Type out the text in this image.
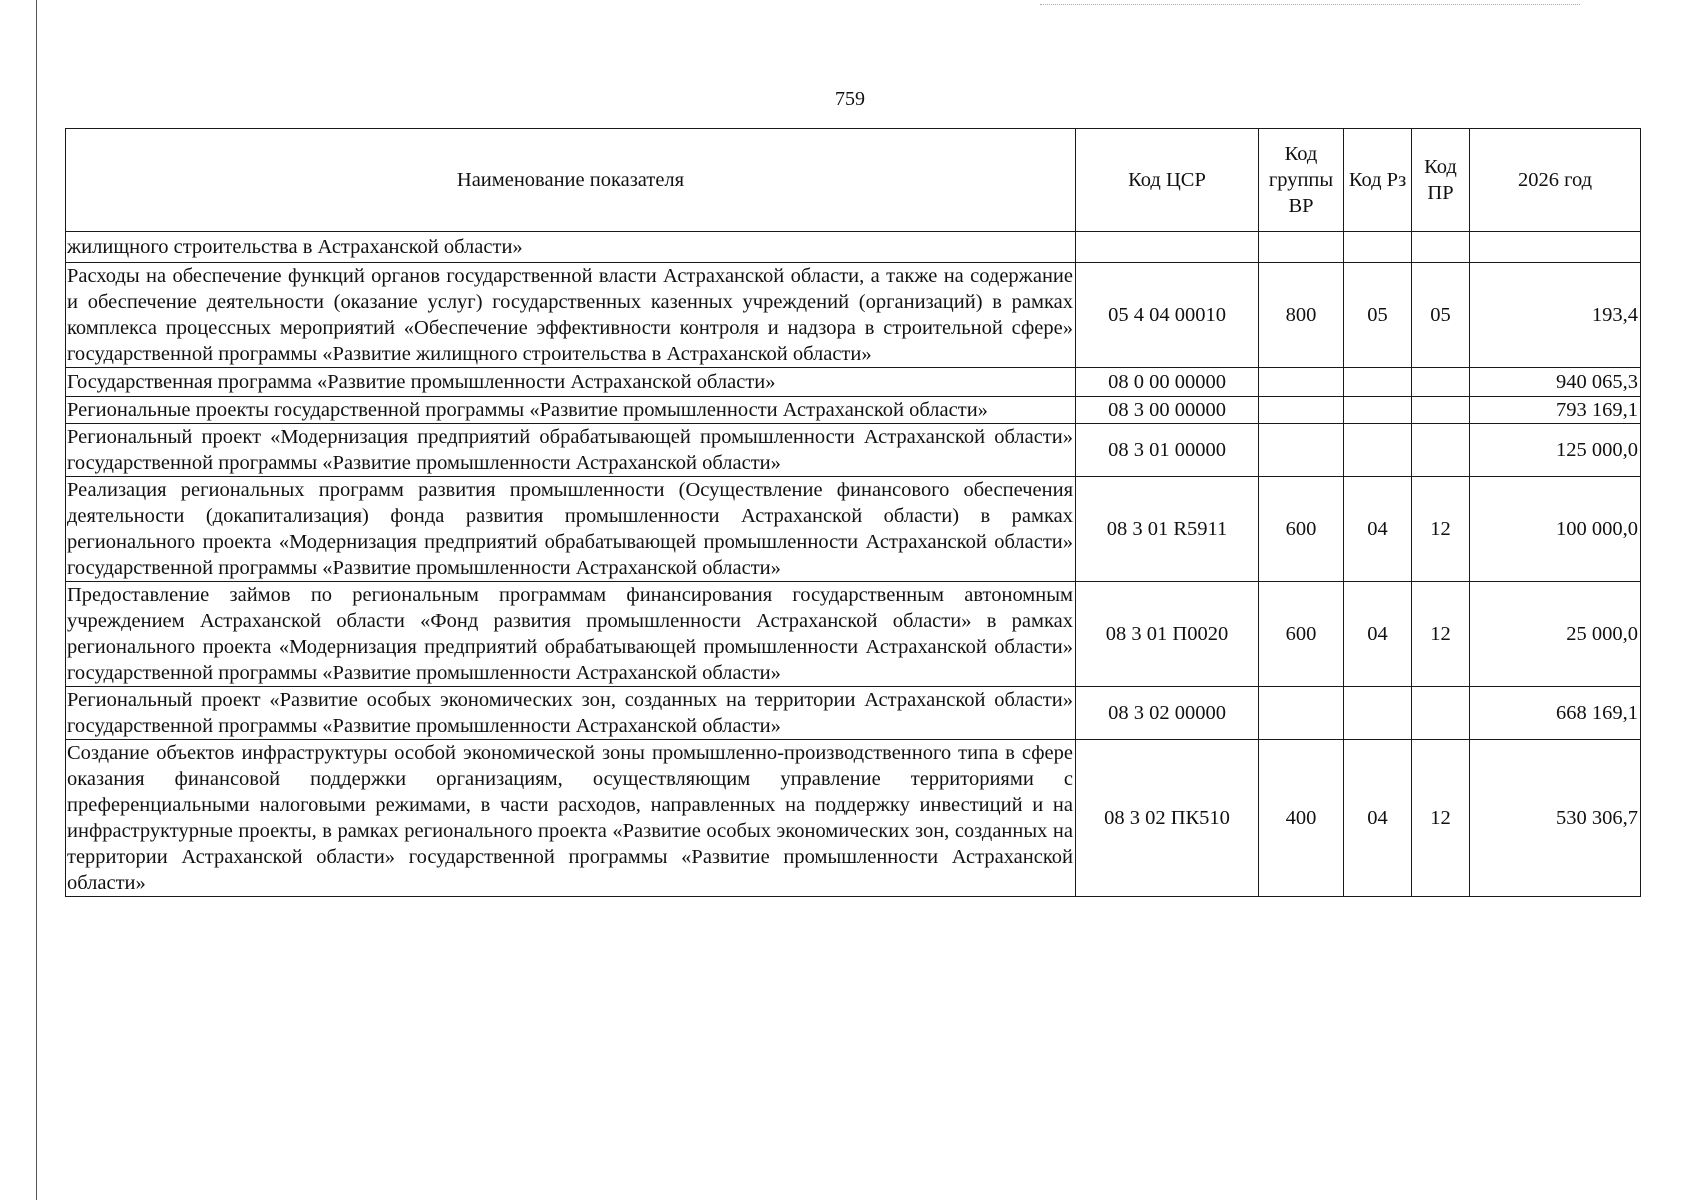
759
Наименование показателя	Код ЦСР	Код группы ВР	Код Рз	Код ПР	2026 год
жилищного строительства в Астраханской области»					
Расходы на обеспечение функций органов государственной власти Астраханской области, а также на содержание и обеспечение деятельности (оказание услуг) государственных казенных учреждений (организаций) в рамках комплекса процессных мероприятий «Обеспечение эффективности контроля и надзора в строительной сфере» государственной программы «Развитие жилищного строительства в Астраханской области»	05 4 04 00010	800	05	05	193,4
Государственная программа «Развитие промышленности Астраханской области»	08 0 00 00000				940 065,3
Региональные проекты государственной программы «Развитие промышленности Астраханской области»	08 3 00 00000				793 169,1
Региональный проект «Модернизация предприятий обрабатывающей промышленности Астраханской области» государственной программы «Развитие промышленности Астраханской области»	08 3 01 00000				125 000,0
Реализация региональных программ развития промышленности (Осуществление финансового обеспечения деятельности (докапитализация) фонда развития промышленности Астраханской области) в рамках регионального проекта «Модернизация предприятий обрабатывающей промышленности Астраханской области» государственной программы «Развитие промышленности Астраханской области»	08 3 01 R5911	600	04	12	100 000,0
Предоставление займов по региональным программам финансирования государственным автономным учреждением Астраханской области «Фонд развития промышленности Астраханской области» в рамках регионального проекта «Модернизация предприятий обрабатывающей промышленности Астраханской области» государственной программы «Развитие промышленности Астраханской области»	08 3 01 П0020	600	04	12	25 000,0
Региональный проект «Развитие особых экономических зон, созданных на территории Астраханской области» государственной программы «Развитие промышленности Астраханской области»	08 3 02 00000				668 169,1
Создание объектов инфраструктуры особой экономической зоны промышленно-производственного типа в сфере оказания финансовой поддержки организациям, осуществляющим управление территориями с преференциальными налоговыми режимами, в части расходов, направленных на поддержку инвестиций и на инфраструктурные проекты, в рамках регионального проекта «Развитие особых экономических зон, созданных на территории Астраханской области» государственной программы «Развитие промышленности Астраханской области»	08 3 02 ПК510	400	04	12	530 306,7
